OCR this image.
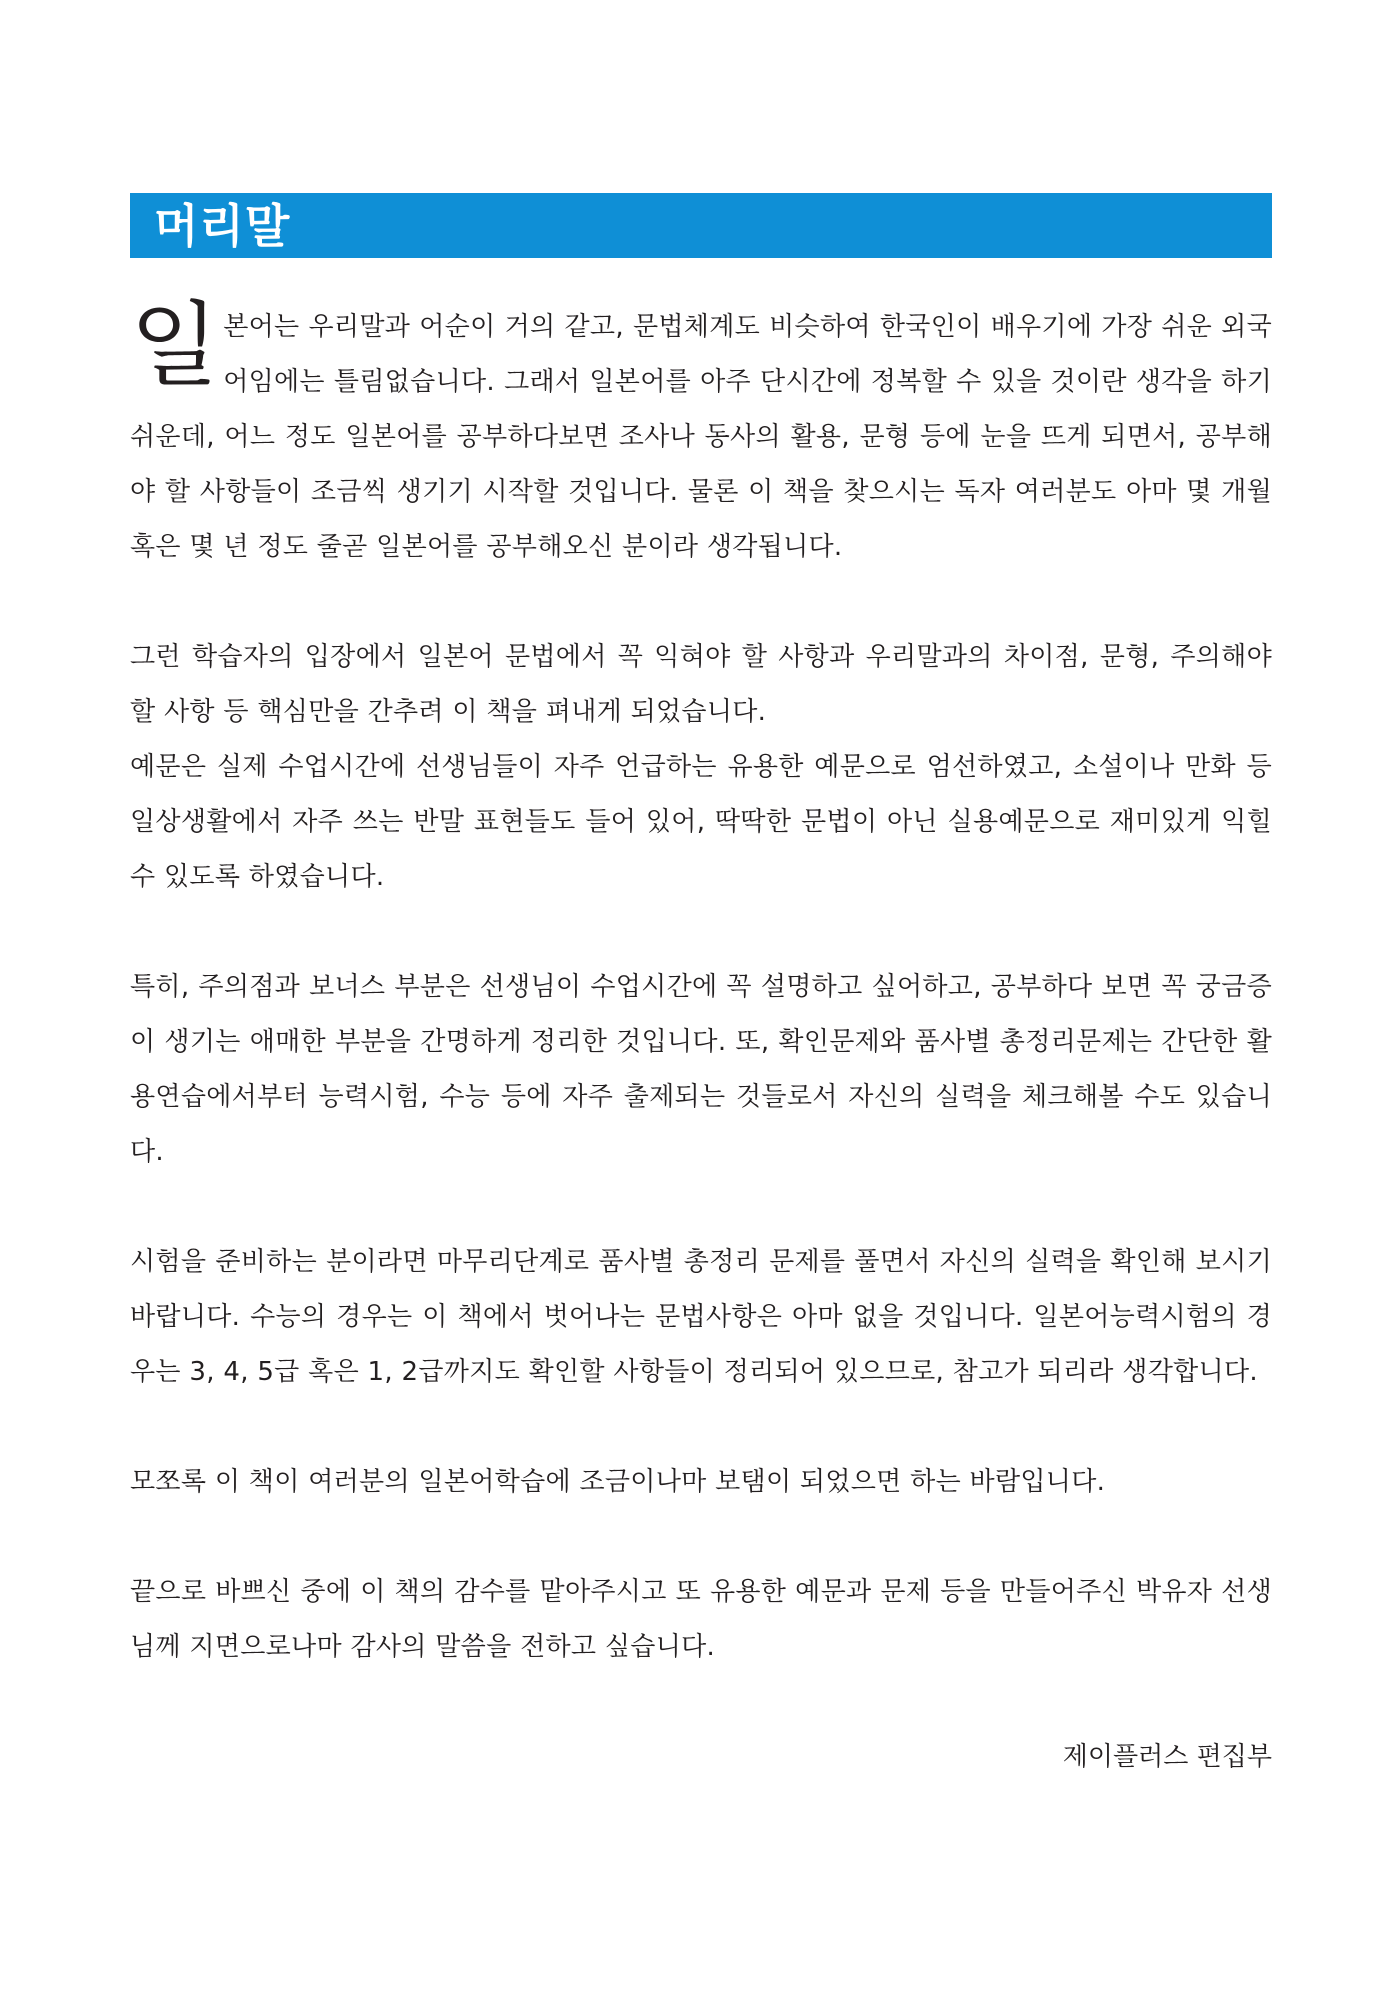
머리말

일본어는 우리말과 어순이 거의 같고, 문법체계도 비슷하여 한국인이 배우기에 가장 쉬운 외국어임에는 틀림없습니다. 그래서 일본어를 아주 단시간에 정복할 수 있을 것이란 생각을 하기 쉬운데, 어느 정도 일본어를 공부하다보면 조사나 동사의 활용, 문형 등에 눈을 뜨게 되면서, 공부해야 할 사항들이 조금씩 생기기 시작할 것입니다. 물론 이 책을 찾으시는 독자 여러분도 아마 몇 개월 혹은 몇 년 정도 줄곧 일본어를 공부해오신 분이라 생각됩니다.

그런 학습자의 입장에서 일본어 문법에서 꼭 익혀야 할 사항과 우리말과의 차이점, 문형, 주의해야 할 사항 등 핵심만을 간추려 이 책을 펴내게 되었습니다.

예문은 실제 수업시간에 선생님들이 자주 언급하는 유용한 예문으로 엄선하였고, 소설이나 만화 등 일상생활에서 자주 쓰는 반말 표현들도 들어 있어, 딱딱한 문법이 아닌 실용예문으로 재미있게 익힐 수 있도록 하였습니다.

특히, 주의점과 보너스 부분은 선생님이 수업시간에 꼭 설명하고 싶어하고, 공부하다 보면 꼭 궁금증이 생기는 애매한 부분을 간명하게 정리한 것입니다. 또, 확인문제와 품사별 총정리문제는 간단한 활용연습에서부터 능력시험, 수능 등에 자주 출제되는 것들로서 자신의 실력을 체크해볼 수도 있습니다.

시험을 준비하는 분이라면 마무리단계로 품사별 총정리 문제를 풀면서 자신의 실력을 확인해 보시기 바랍니다. 수능의 경우는 이 책에서 벗어나는 문법사항은 아마 없을 것입니다. 일본어능력시험의 경우는 3, 4, 5급 혹은 1, 2급까지도 확인할 사항들이 정리되어 있으므로, 참고가 되리라 생각합니다.

모쪼록 이 책이 여러분의 일본어학습에 조금이나마 보탬이 되었으면 하는 바람입니다.

끝으로 바쁘신 중에 이 책의 감수를 맡아주시고 또 유용한 예문과 문제 등을 만들어주신 박유자 선생님께 지면으로나마 감사의 말씀을 전하고 싶습니다.

제이플러스 편집부
